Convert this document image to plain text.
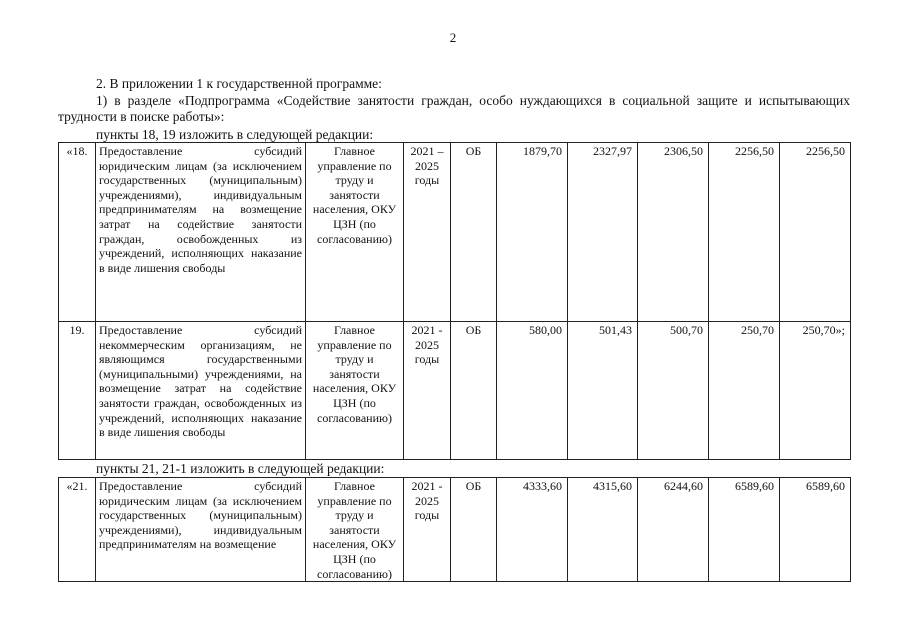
2
2. В приложении 1 к государственной программе:
1) в разделе «Подпрограмма «Содействие занятости граждан, особо нуждающихся в социальной защите и испытывающих трудности в поиске работы»:
пункты 18, 19 изложить в следующей редакции:
«18.	Предоставление субсидий юридическим лицам (за исключением государственных (муниципальным) учреждениями), индивидуальным предпринимателям на возмещение затрат на содействие занятости граждан, освобожденных из учреждений, исполняющих наказание в виде лишения свободы	Главное управление по труду и занятости населения, ОКУ ЦЗН (по согласованию)	2021 – 2025 годы	ОБ	1879,70	2327,97	2306,50	2256,50	2256,50
19.	Предоставление субсидий некоммерческим организациям, не являющимся государственными (муниципальными) учреждениями, на возмещение затрат на содействие занятости граждан, освобожденных из учреждений, исполняющих наказание в виде лишения свободы	Главное управление по труду и занятости населения, ОКУ ЦЗН (по согласованию)	2021 - 2025 годы	ОБ	580,00	501,43	500,70	250,70	250,70»;
пункты 21, 21-1 изложить в следующей редакции:
«21.	Предоставление субсидий юридическим лицам (за исключением государственных (муниципальным) учреждениями), индивидуальным предпринимателям на возмещение	Главное управление по труду и занятости населения, ОКУ ЦЗН (по согласованию)	2021 - 2025 годы	ОБ	4333,60	4315,60	6244,60	6589,60	6589,60
